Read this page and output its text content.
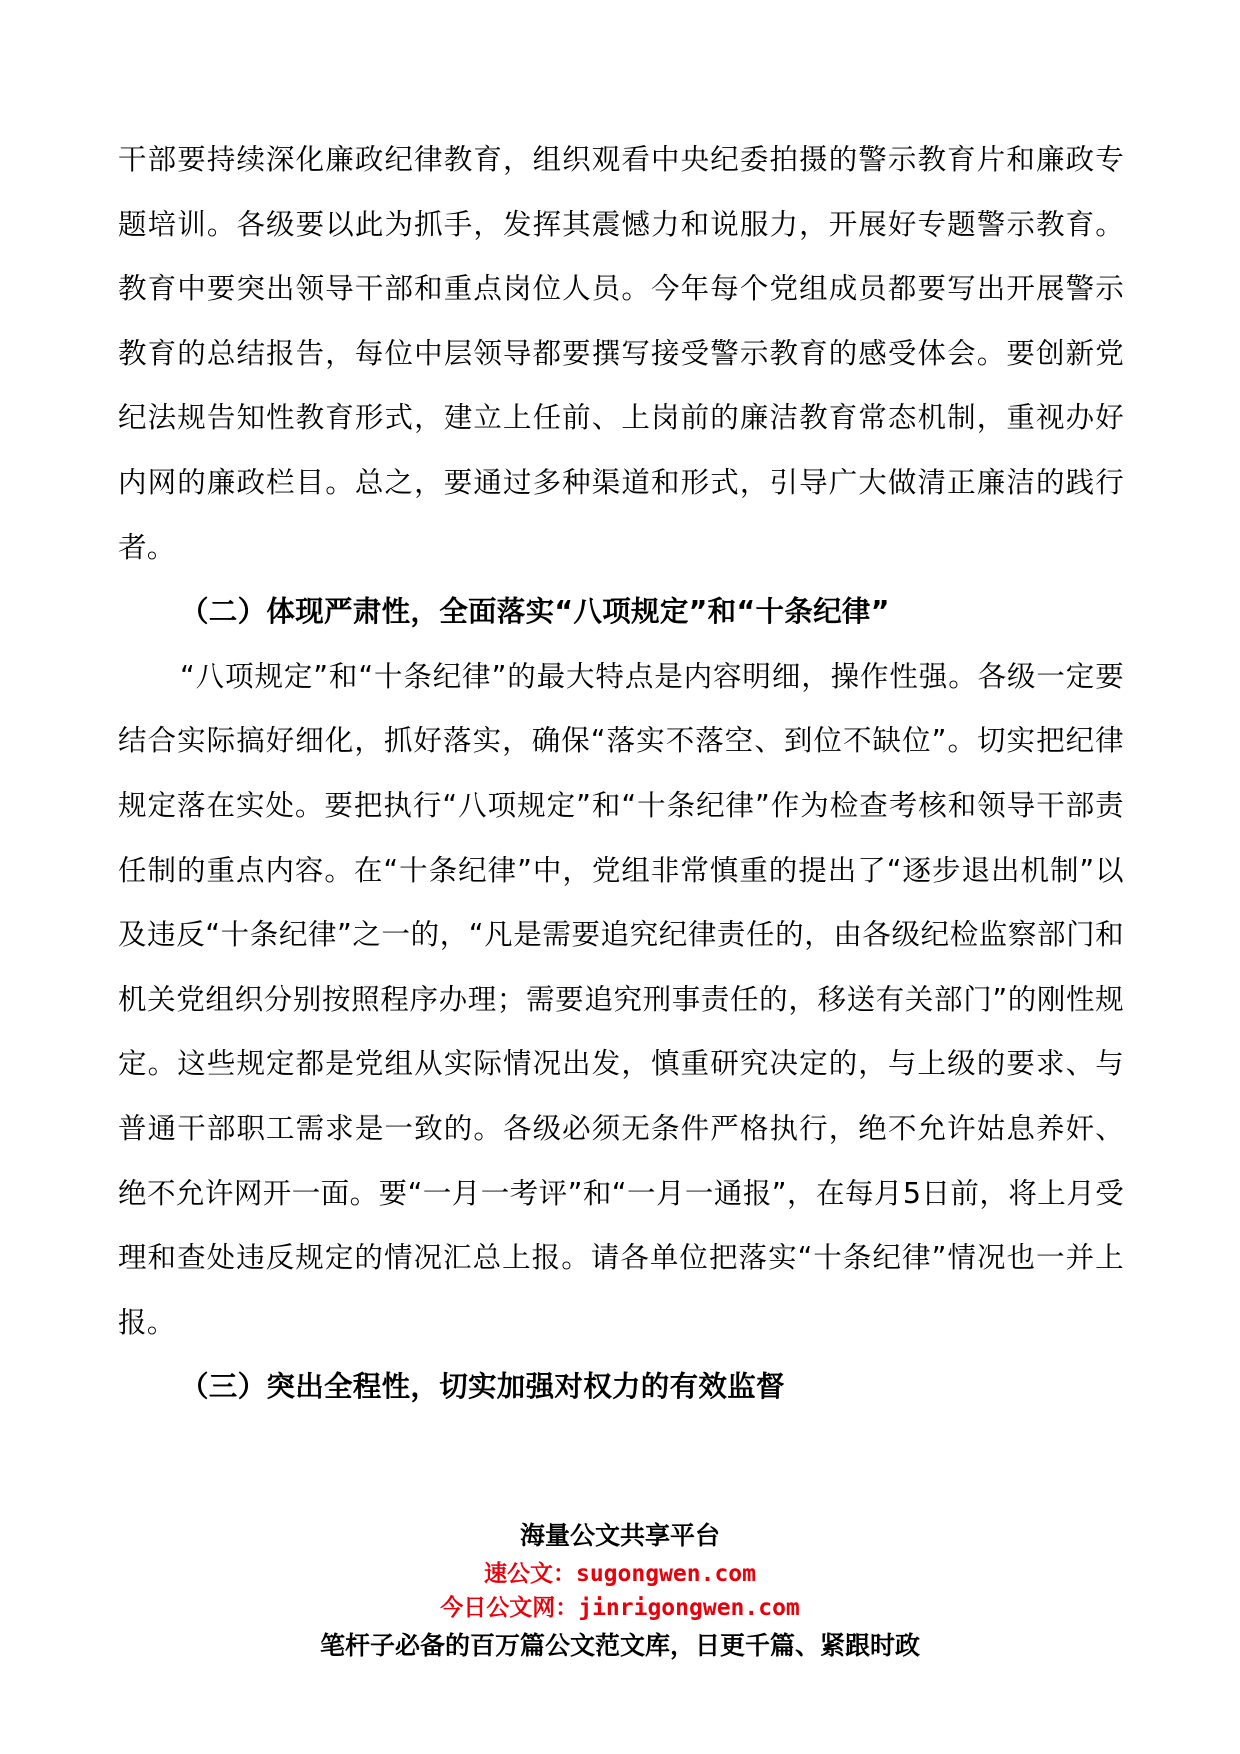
干部要持续深化廉政纪律教育，组织观看中央纪委拍摄的警示教育片和廉政专题培训。各级要以此为抓手，发挥其震憾力和说服力，开展好专题警示教育。教育中要突出领导干部和重点岗位人员。今年每个党组成员都要写出开展警示教育的总结报告，每位中层领导都要撰写接受警示教育的感受体会。要创新党纪法规告知性教育形式，建立上任前、上岗前的廉洁教育常态机制，重视办好内网的廉政栏目。总之，要通过多种渠道和形式，引导广大做清正廉洁的践行者。

（二）体现严肃性，全面落实“八项规定”和“十条纪律”

“八项规定”和“十条纪律”的最大特点是内容明细，操作性强。各级一定要结合实际搞好细化，抓好落实，确保“落实不落空、到位不缺位”。切实把纪律规定落在实处。要把执行“八项规定”和“十条纪律”作为检查考核和领导干部责任制的重点内容。在“十条纪律”中，党组非常慎重的提出了“逐步退出机制”以及违反“十条纪律”之一的，“凡是需要追究纪律责任的，由各级纪检监察部门和机关党组织分别按照程序办理；需要追究刑事责任的，移送有关部门”的刚性规定。这些规定都是党组从实际情况出发，慎重研究决定的，与上级的要求、与普通干部职工需求是一致的。各级必须无条件严格执行，绝不允许姑息养奸、绝不允许网开一面。要“一月一考评”和“一月一通报”，在每月5日前，将上月受理和查处违反规定的情况汇总上报。请各单位把落实“十条纪律”情况也一并上报。

（三）突出全程性，切实加强对权力的有效监督

海量公文共享平台
速公文：sugongwen.com
今日公文网：jinrigongwen.com
笔杆子必备的百万篇公文范文库，日更千篇、紧跟时政
